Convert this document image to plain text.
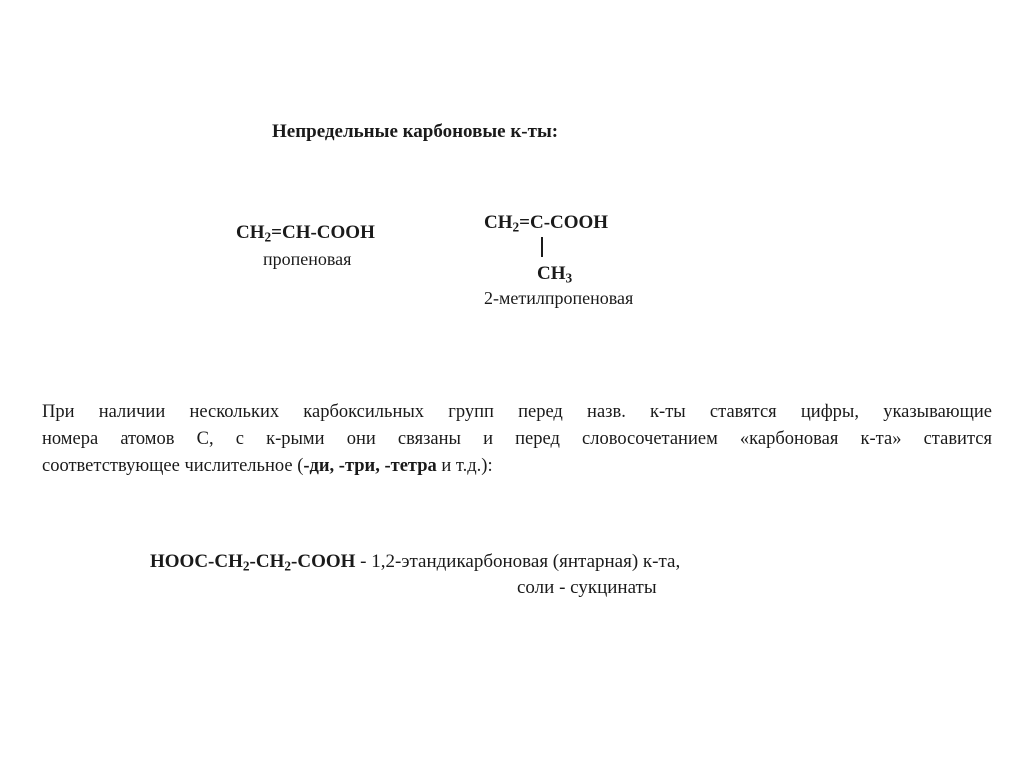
Непредельные карбоновые к-ты:
$CH_2=CH$-COOH
пропеновая
$CH_2=C$-COOH
$CH_3$
2-метилпропеновая
При наличии нескольких карбоксильных групп перед назв. к-ты ставятся цифры, указывающие
номера атомов С, с к-рыми они связаны и перед словосочетанием «карбоновая к-та» ставится
соответствующее числительное (-ди, -три, -тетра и т.д.):
HOOC-$CH_2-CH_2$-COOH - 1,2-этандикарбоновая (янтарная) к-та,
соли - сукцинаты
